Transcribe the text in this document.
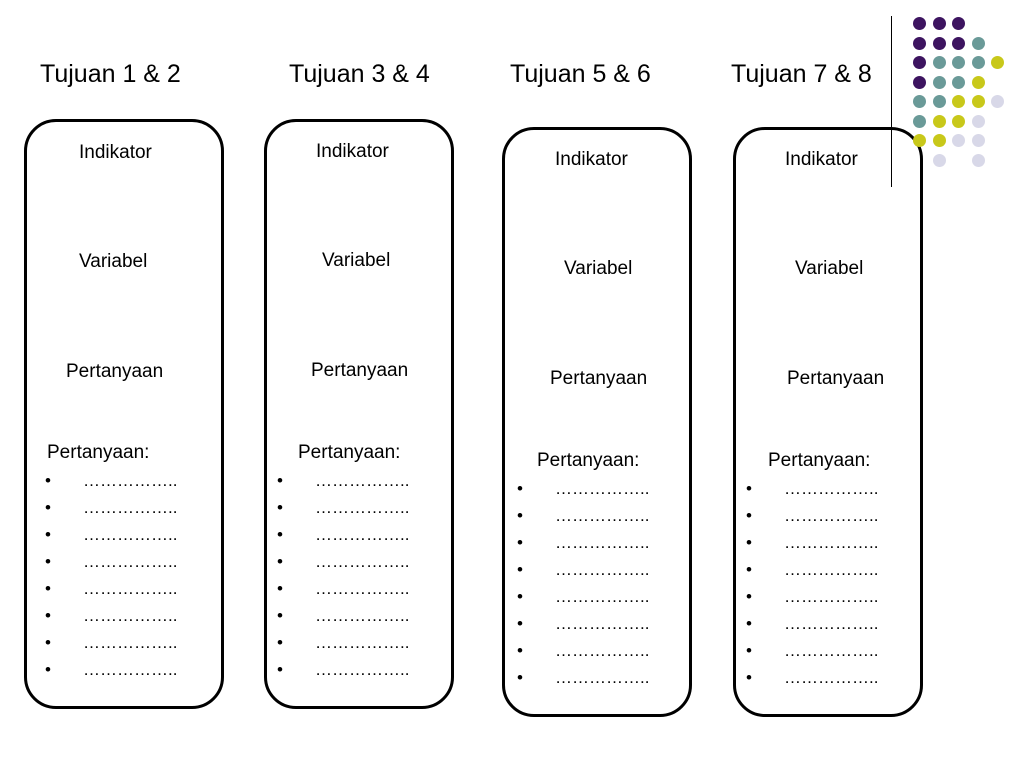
Tujuan 1 & 2
Indikator
Variabel
Pertanyaan
Pertanyaan:
• ……………..
• ……………..
• ……………..
• ……………..
• ……………..
• ……………..
• ……………..
• ……………..
Tujuan 3 & 4
Indikator
Variabel
Pertanyaan
Pertanyaan:
• ……………..
• ……………..
• ……………..
• ……………..
• ……………..
• ……………..
• ……………..
• ……………..
Tujuan 5 & 6
Indikator
Variabel
Pertanyaan
Pertanyaan:
• ……………..
• ……………..
• ……………..
• ……………..
• ……………..
• ……………..
• ……………..
• ……………..
Tujuan 7 & 8
Indikator
Variabel
Pertanyaan
Pertanyaan:
• ……………..
• ……………..
• ……………..
• ……………..
• ……………..
• ……………..
• ……………..
• ……………..
